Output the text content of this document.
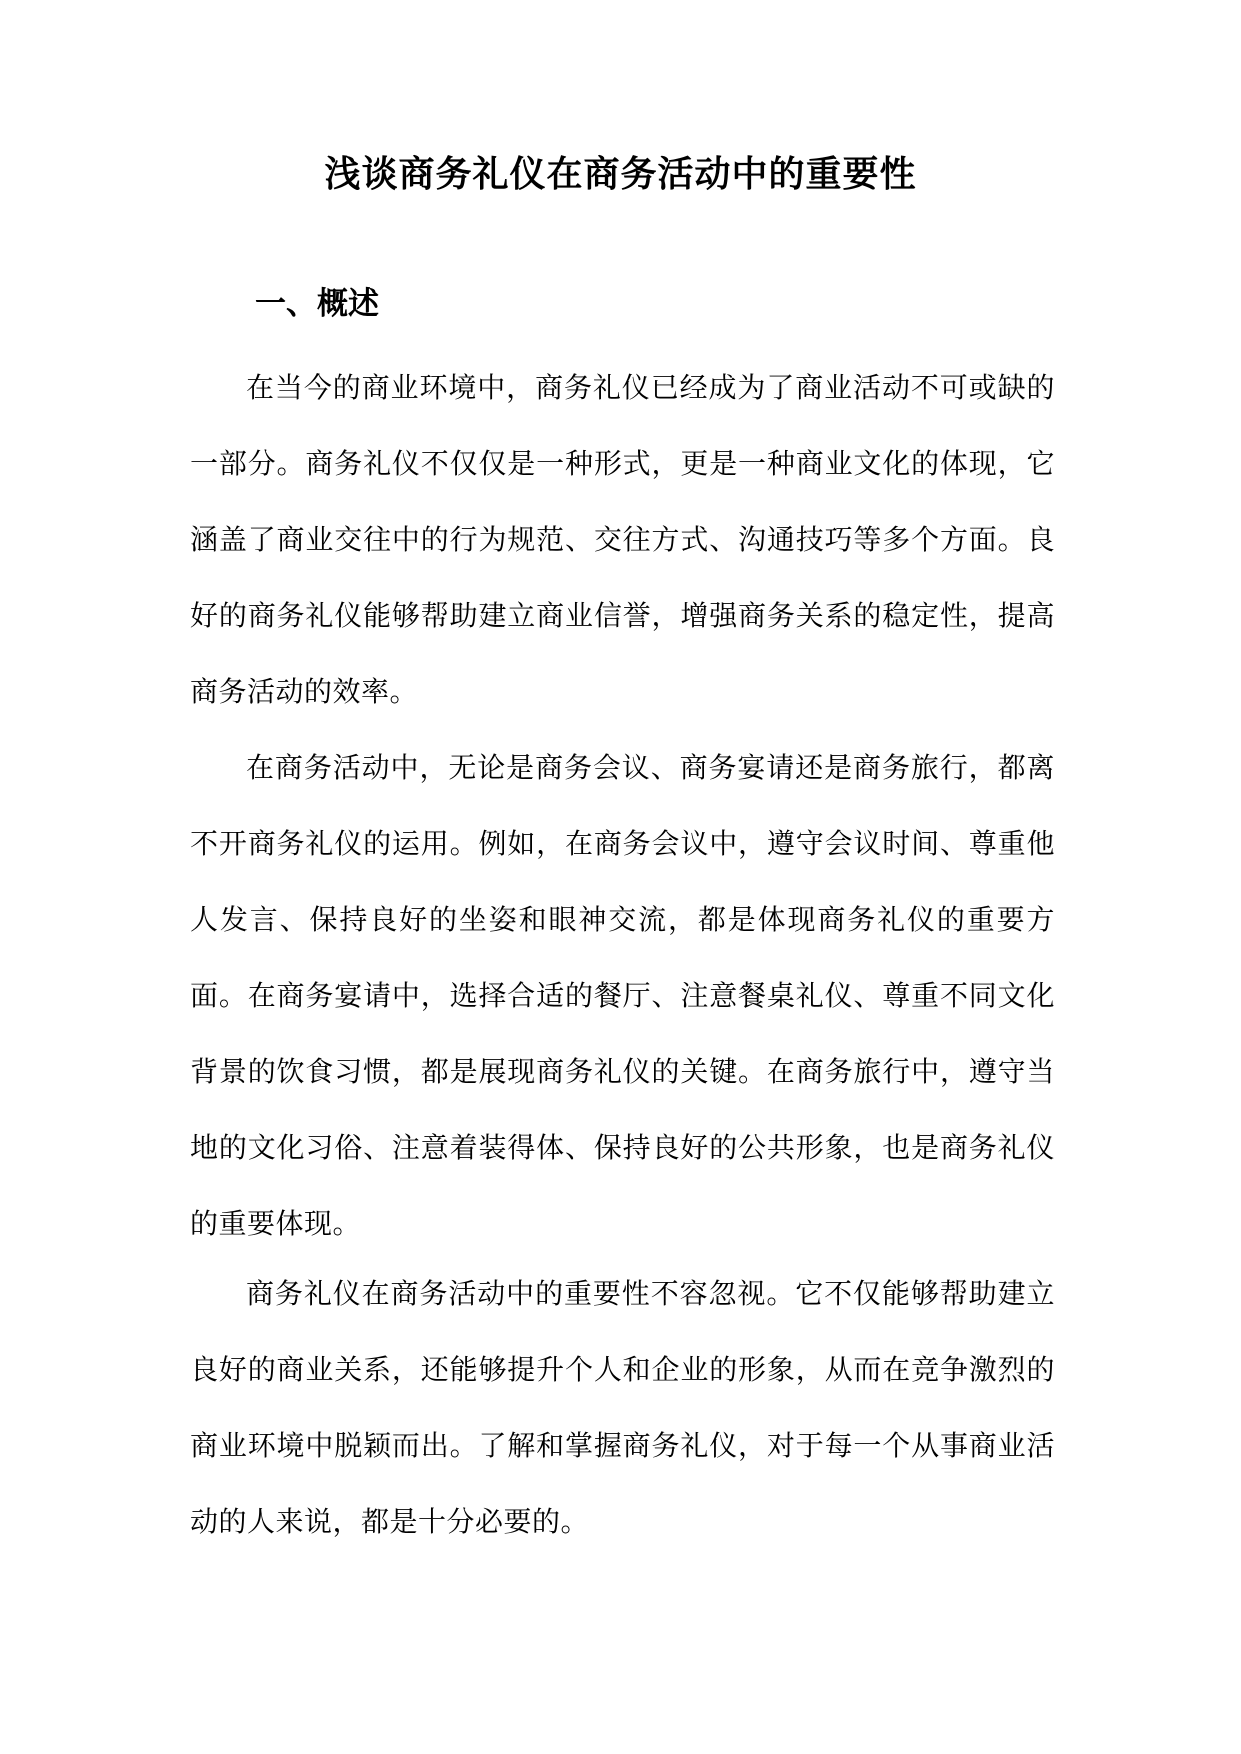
浅谈商务礼仪在商务活动中的重要性
一、概述

在当今的商业环境中，商务礼仪已经成为了商业活动不可或缺的一部分。商务礼仪不仅仅是一种形式，更是一种商业文化的体现，它涵盖了商业交往中的行为规范、交往方式、沟通技巧等多个方面。良好的商务礼仪能够帮助建立商业信誉，增强商务关系的稳定性，提高商务活动的效率。

在商务活动中，无论是商务会议、商务宴请还是商务旅行，都离不开商务礼仪的运用。例如，在商务会议中，遵守会议时间、尊重他人发言、保持良好的坐姿和眼神交流，都是体现商务礼仪的重要方面。在商务宴请中，选择合适的餐厅、注意餐桌礼仪、尊重不同文化背景的饮食习惯，都是展现商务礼仪的关键。在商务旅行中，遵守当地的文化习俗、注意着装得体、保持良好的公共形象，也是商务礼仪的重要体现。

商务礼仪在商务活动中的重要性不容忽视。它不仅能够帮助建立良好的商业关系，还能够提升个人和企业的形象，从而在竞争激烈的商业环境中脱颖而出。了解和掌握商务礼仪，对于每一个从事商业活动的人来说，都是十分必要的。
